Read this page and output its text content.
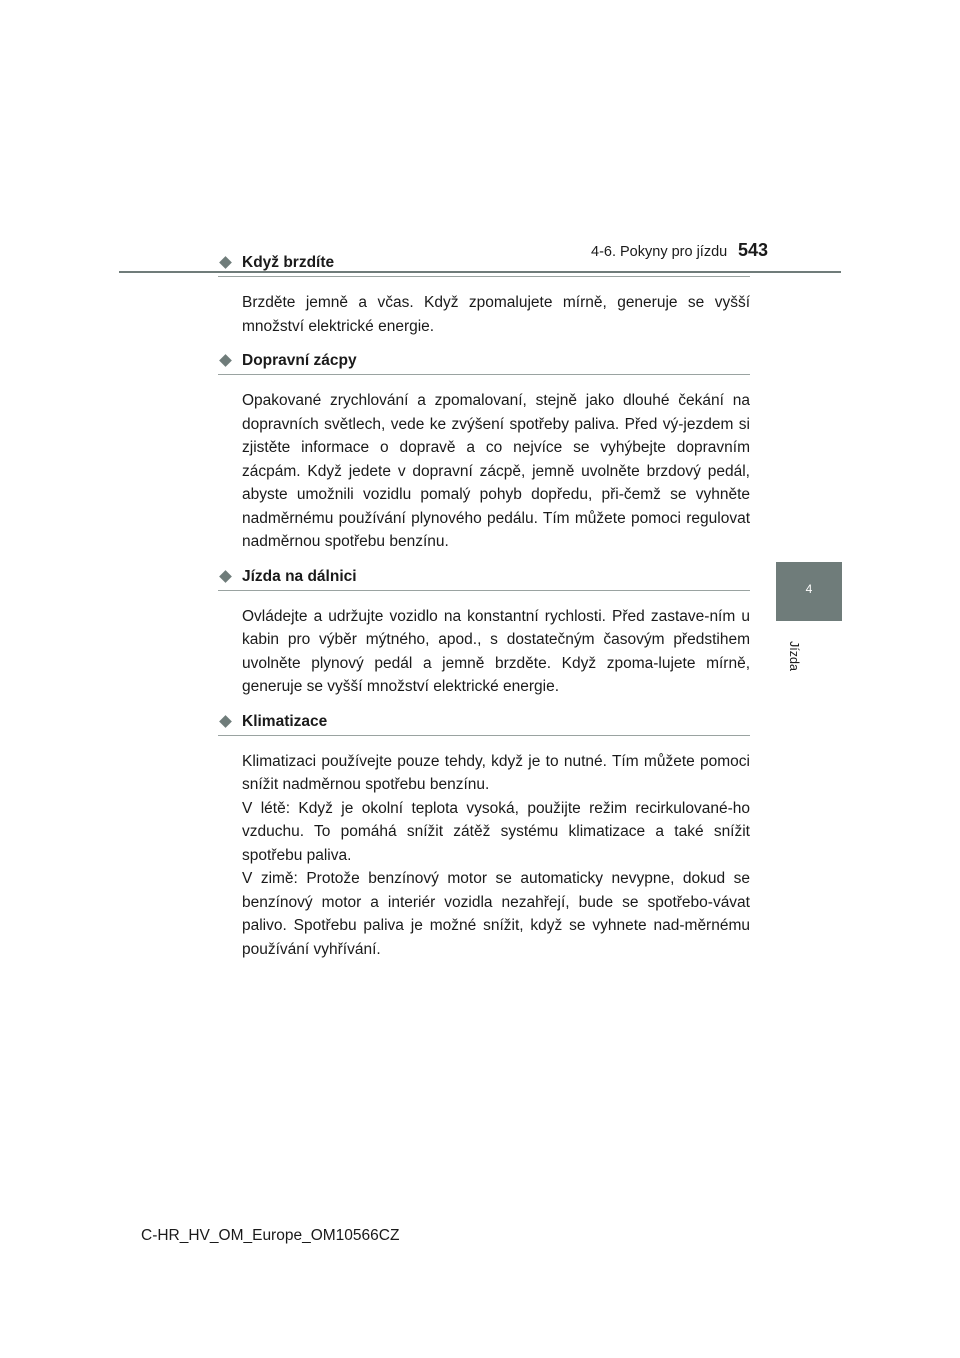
4-6. Pokyny pro jízdu 543
4
Jízda
Když brzdíte

Brzděte jemně a včas. Když zpomalujete mírně, generuje se vyšší množství elektrické energie.

Dopravní zácpy

Opakované zrychlování a zpomalovaní, stejně jako dlouhé čekání na dopravních světlech, vede ke zvýšení spotřeby paliva. Před vý-jezdem si zjistěte informace o dopravě a co nejvíce se vyhýbejte dopravním zácpám. Když jedete v dopravní zácpě, jemně uvolněte brzdový pedál, abyste umožnili vozidlu pomalý pohyb dopředu, při-čemž se vyhněte nadměrnému používání plynového pedálu. Tím můžete pomoci regulovat nadměrnou spotřebu benzínu.

Jízda na dálnici

Ovládejte a udržujte vozidlo na konstantní rychlosti. Před zastave-ním u kabin pro výběr mýtného, apod., s dostatečným časovým předstihem uvolněte plynový pedál a jemně brzděte. Když zpoma-lujete mírně, generuje se vyšší množství elektrické energie.

Klimatizace

Klimatizaci používejte pouze tehdy, když je to nutné. Tím můžete pomoci snížit nadměrnou spotřebu benzínu.

V létě: Když je okolní teplota vysoká, použijte režim recirkulované-ho vzduchu. To pomáhá snížit zátěž systému klimatizace a také snížit spotřebu paliva.

V zimě: Protože benzínový motor se automaticky nevypne, dokud se benzínový motor a interiér vozidla nezahřejí, bude se spotřebo-vávat palivo. Spotřebu paliva je možné snížit, když se vyhnete nad-měrnému používání vyhřívání.

C-HR_HV_OM_Europe_OM10566CZ
